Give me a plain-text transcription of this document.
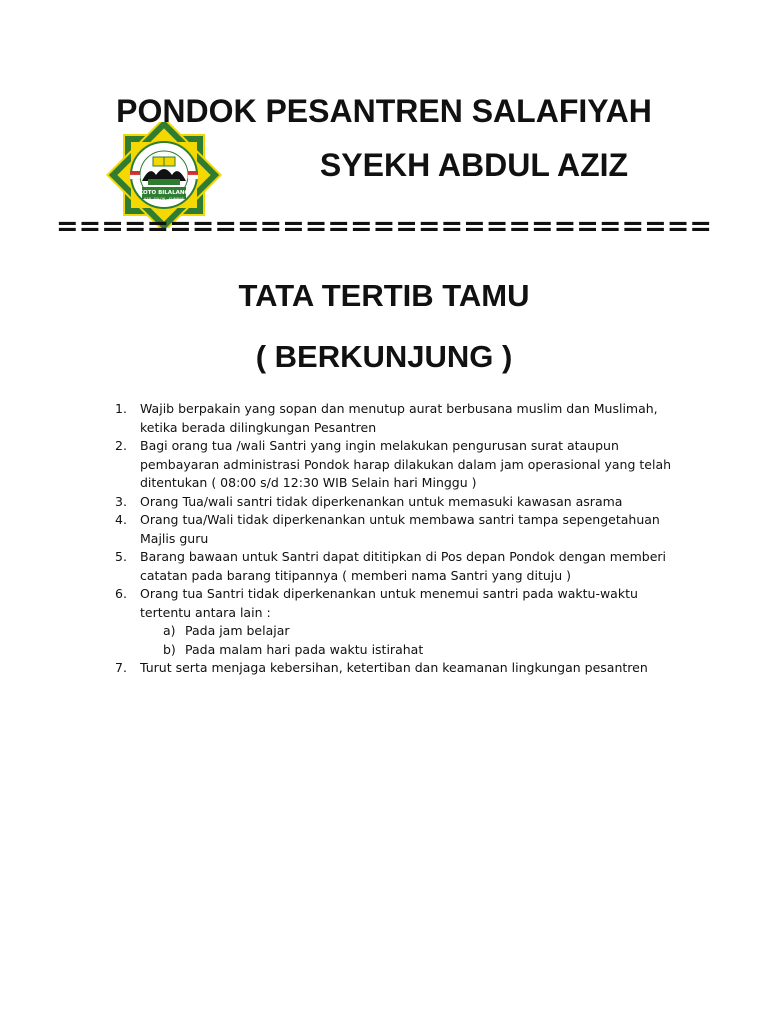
KOTO BILALANG
KAB. SOLOK - SUMBAR
PONDOK PESANTREN SALAFIYAH
SYEKH ABDUL AZIZ
=============================
TATA TERTIB TAMU
( BERKUNJUNG )
1.	Wajib berpakain yang sopan dan menutup aurat berbusana muslim dan Muslimah, ketika berada dilingkungan Pesantren
2.	Bagi orang tua /wali Santri yang ingin melakukan pengurusan surat ataupun pembayaran administrasi Pondok harap dilakukan dalam jam operasional yang telah ditentukan ( 08:00 s/d 12:30 WIB Selain hari Minggu )
3.	Orang Tua/wali santri tidak diperkenankan untuk memasuki kawasan asrama
4.	Orang tua/Wali tidak diperkenankan untuk membawa santri tampa sepengetahuan Majlis guru
5.	Barang bawaan untuk Santri dapat dititipkan di Pos depan Pondok dengan memberi catatan pada barang titipannya ( memberi nama Santri yang dituju )
6.	Orang tua Santri tidak diperkenankan untuk menemui santri pada waktu-waktu tertentu antara lain :
a) Pada jam belajar
b) Pada malam hari pada waktu istirahat
7.	Turut serta menjaga kebersihan, ketertiban dan keamanan lingkungan pesantren
